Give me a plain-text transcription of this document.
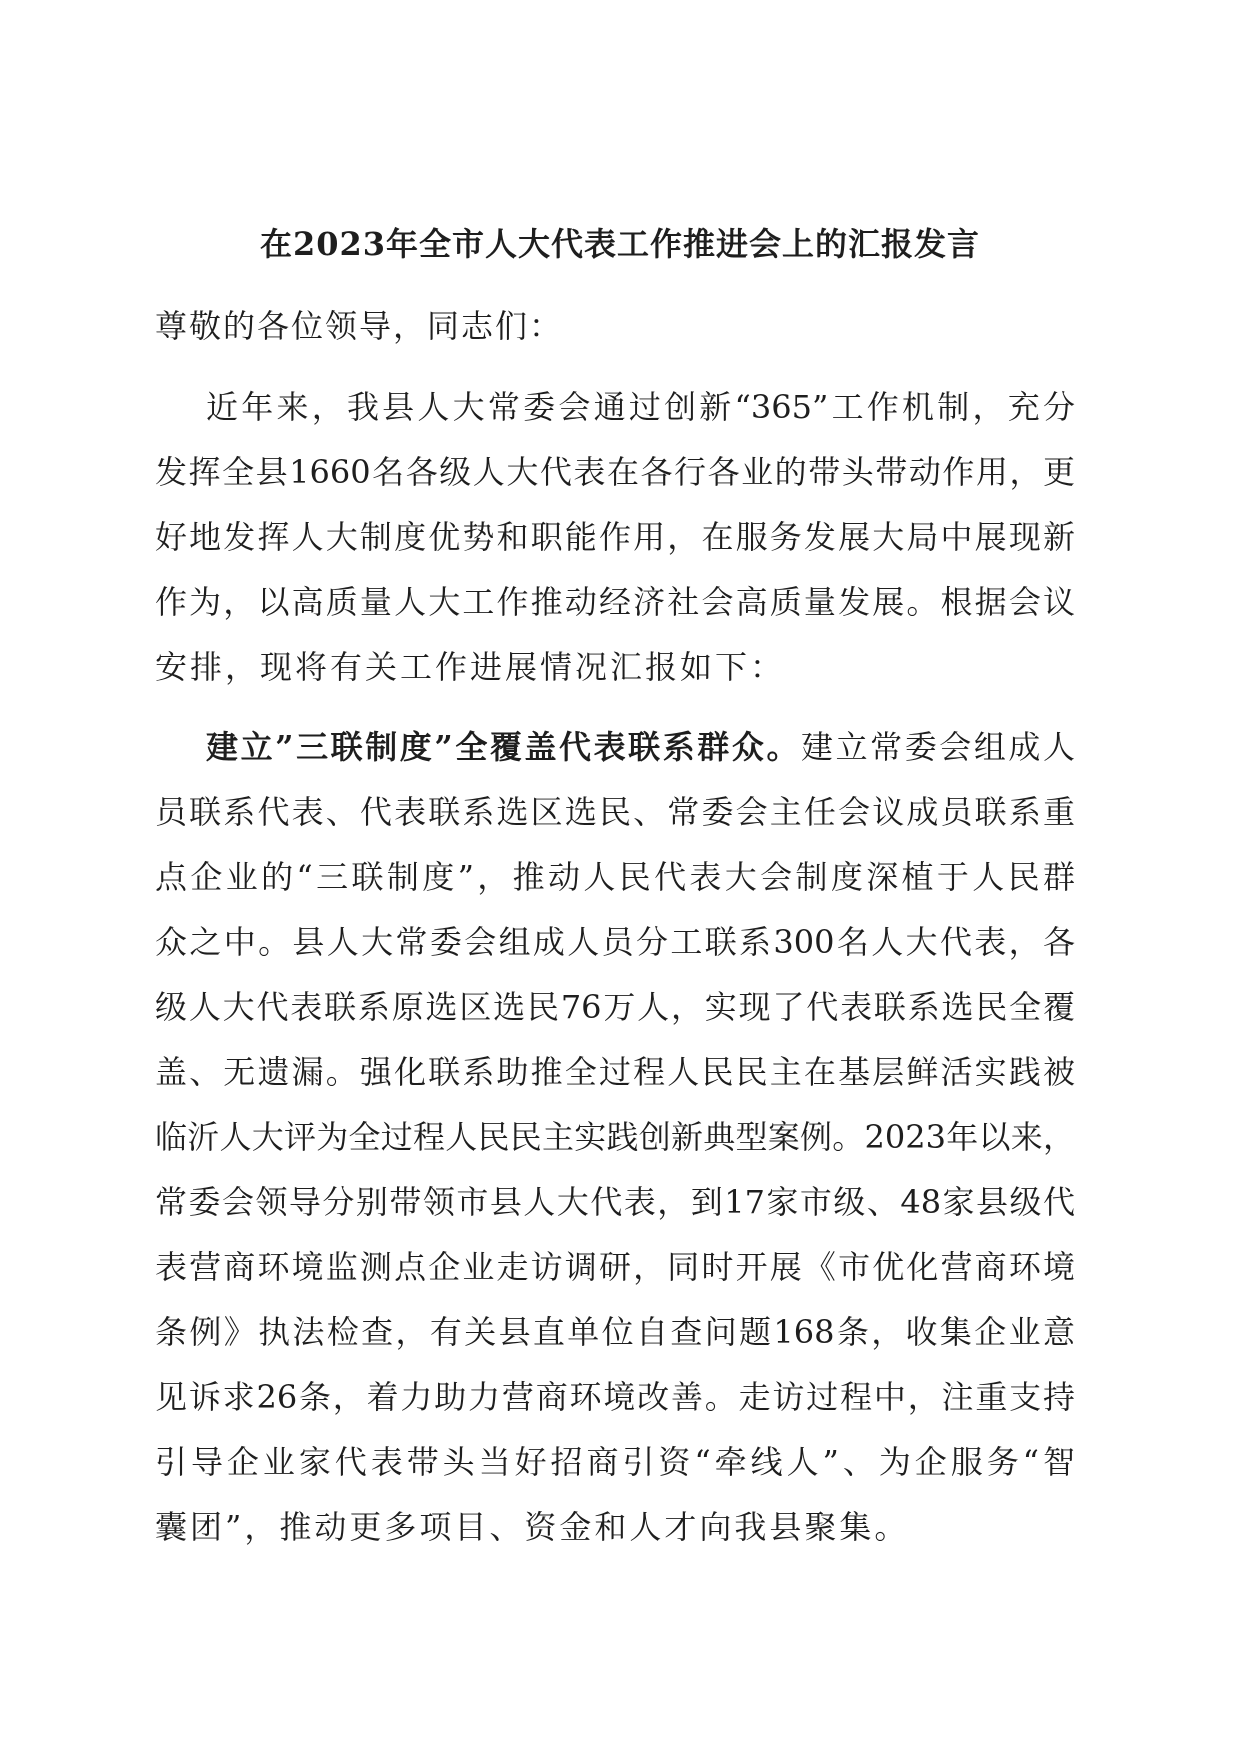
在2023年全市人大代表工作推进会上的汇报发言

尊敬的各位领导，同志们：

近年来，我县人大常委会通过创新“365”工作机制，充分

发挥全县1660名各级人大代表在各行各业的带头带动作用，更

好地发挥人大制度优势和职能作用，在服务发展大局中展现新

作为，以高质量人大工作推动经济社会高质量发展。根据会议

安排，现将有关工作进展情况汇报如下：

建立”三联制度”全覆盖代表联系群众。建立常委会组成人

员联系代表、代表联系选区选民、常委会主任会议成员联系重

点企业的“三联制度”，推动人民代表大会制度深植于人民群

众之中。县人大常委会组成人员分工联系300名人大代表，各

级人大代表联系原选区选民76万人，实现了代表联系选民全覆

盖、无遗漏。强化联系助推全过程人民民主在基层鲜活实践被

临沂人大评为全过程人民民主实践创新典型案例。2023年以来，

常委会领导分别带领市县人大代表，到17家市级、48家县级代

表营商环境监测点企业走访调研，同时开展《市优化营商环境

条例》执法检查，有关县直单位自查问题168条，收集企业意

见诉求26条，着力助力营商环境改善。走访过程中，注重支持

引导企业家代表带头当好招商引资“牵线人”、为企服务“智

囊团”，推动更多项目、资金和人才向我县聚集。
